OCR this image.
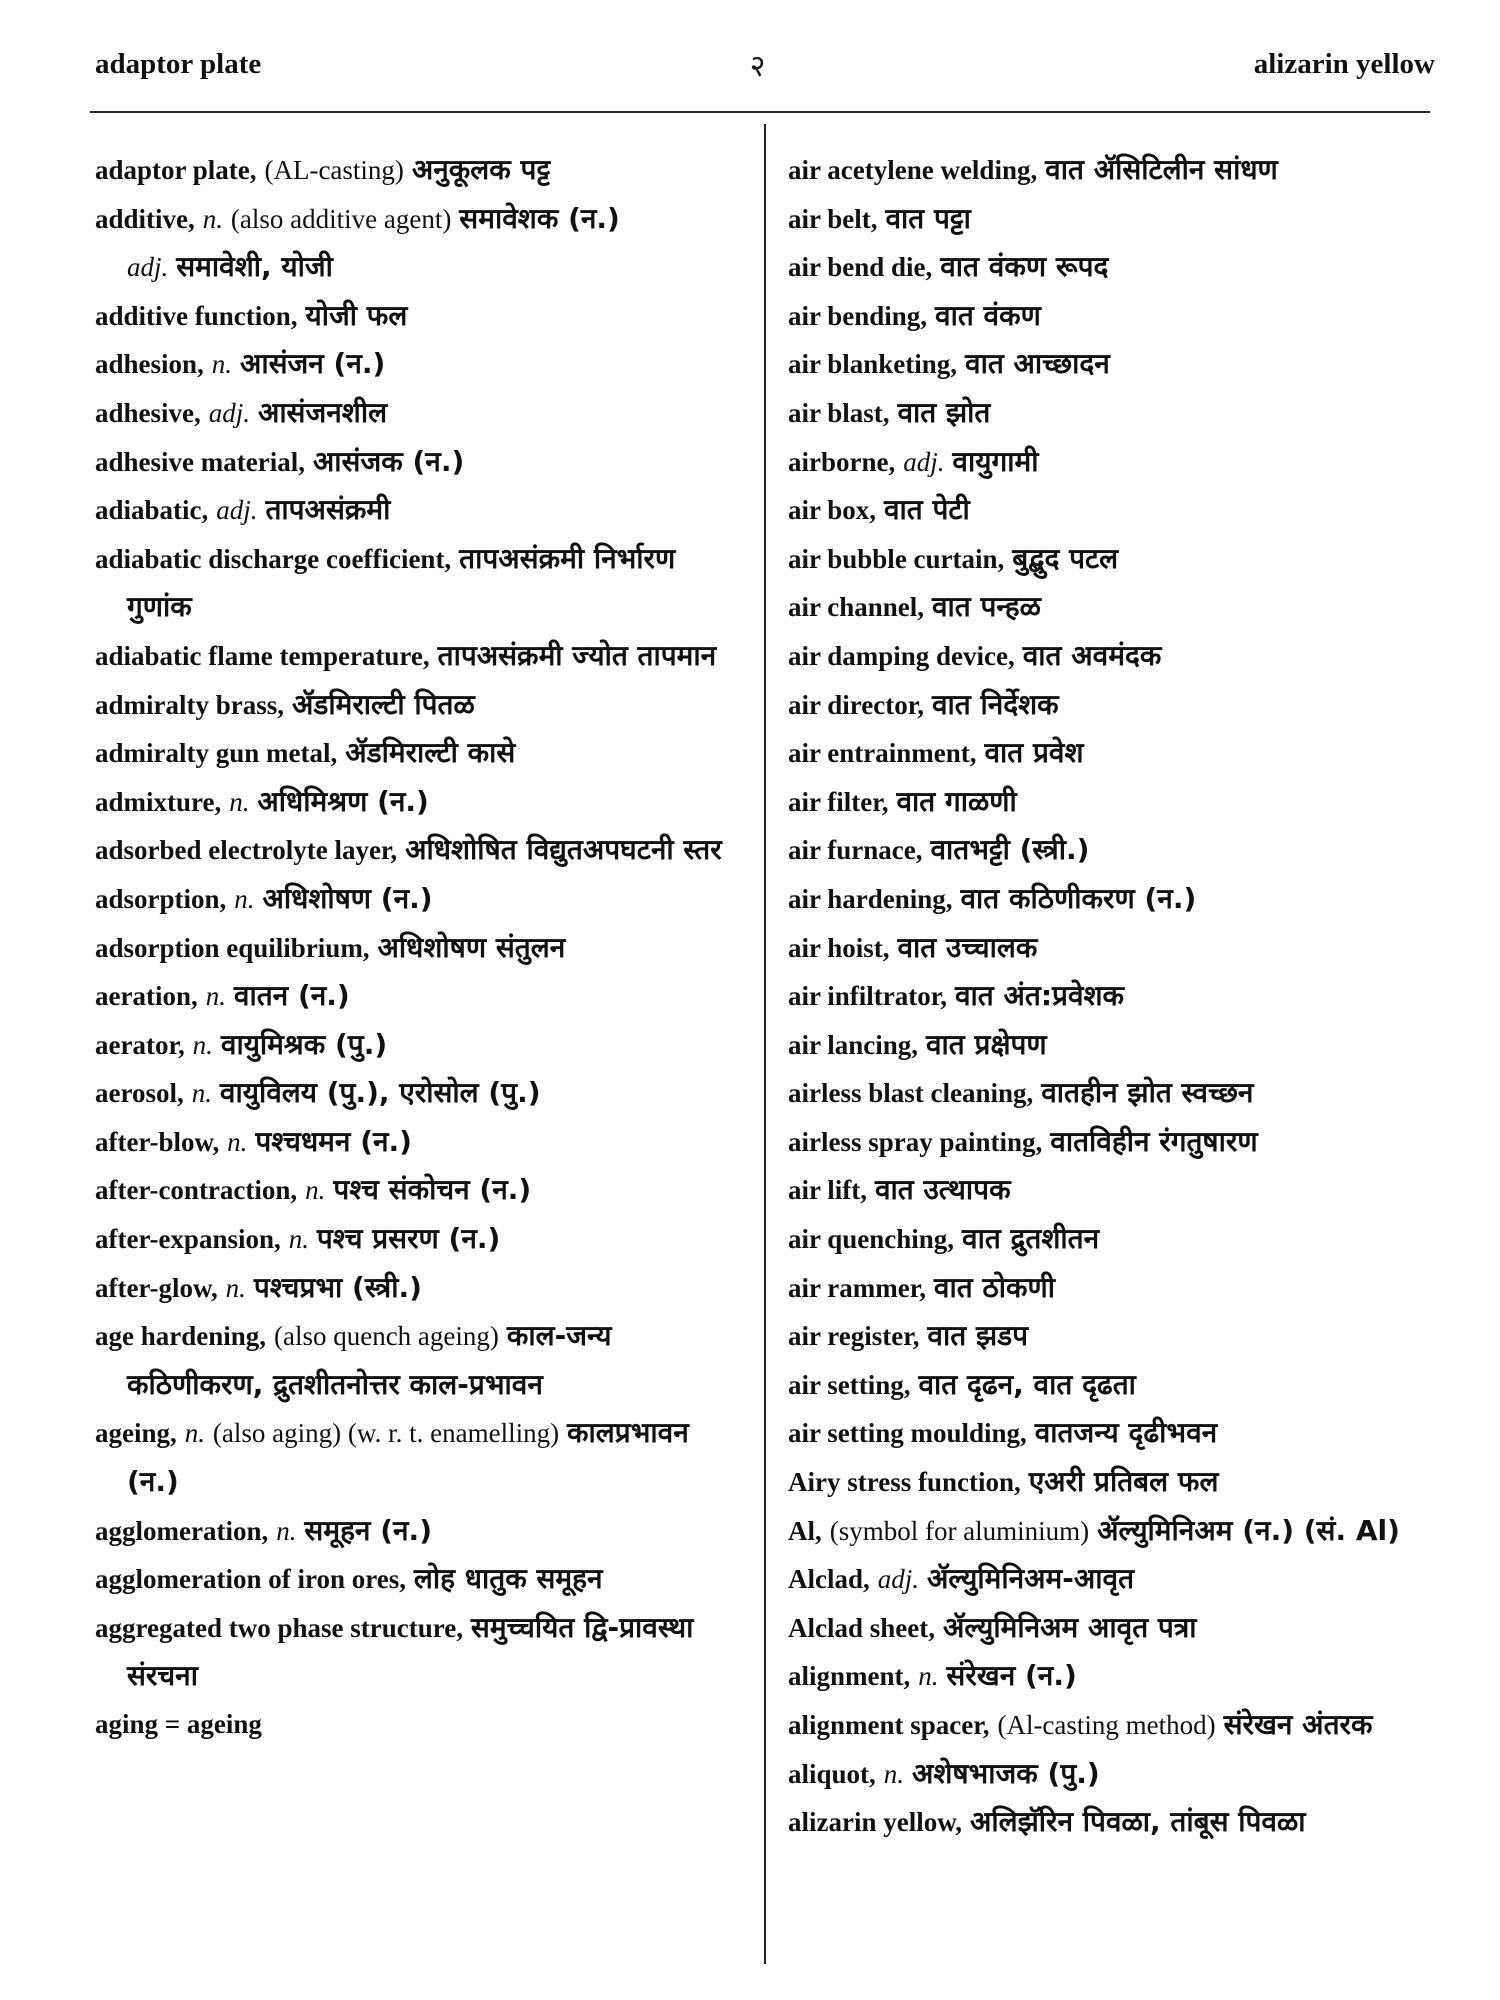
adaptor plate	२	alizarin yellow
adaptor plate, (AL-casting) अनुकूलक पट्ट
additive, n. (also additive agent) समावेशक (न.)
adj. समावेशी, योजी
additive function, योजी फल
adhesion, n. आसंजन (न.)
adhesive, adj. आसंजनशील
adhesive material, आसंजक (न.)
adiabatic, adj. तापअसंक्रमी
adiabatic discharge coefficient, तापअसंक्रमी निर्भारण गुणांक
adiabatic flame temperature, तापअसंक्रमी ज्योत तापमान
admiralty brass, ॲडमिराल्टी पितळ
admiralty gun metal, ॲडमिराल्टी कासे
admixture, n. अधिमिश्रण (न.)
adsorbed electrolyte layer, अधिशोषित विद्युतअपघटनी स्तर
adsorption, n. अधिशोषण (न.)
adsorption equilibrium, अधिशोषण संतुलन
aeration, n. वातन (न.)
aerator, n. वायुमिश्रक (पु.)
aerosol, n. वायुविलय (पु.), एरोसोल (पु.)
after-blow, n. पश्चधमन (न.)
after-contraction, n. पश्च संकोचन (न.)
after-expansion, n. पश्च प्रसरण (न.)
after-glow, n. पश्चप्रभा (स्त्री.)
age hardening, (also quench ageing) काल-जन्य कठिणीकरण, द्रुतशीतनोत्तर काल-प्रभावन
ageing, n. (also aging) (w. r. t. enamelling) कालप्रभावन (न.)
agglomeration, n. समूहन (न.)
agglomeration of iron ores, लोह धातुक समूहन
aggregated two phase structure, समुच्चयित द्वि-प्रावस्था संरचना
aging = ageing
air acetylene welding, वात ॲसिटिलीन सांधण
air belt, वात पट्टा
air bend die, वात वंकण रूपद
air bending, वात वंकण
air blanketing, वात आच्छादन
air blast, वात झोत
airborne, adj. वायुगामी
air box, वात पेटी
air bubble curtain, बुद्बुद पटल
air channel, वात पन्हळ
air damping device, वात अवमंदक
air director, वात निर्देशक
air entrainment, वात प्रवेश
air filter, वात गाळणी
air furnace, वातभट्टी (स्त्री.)
air hardening, वात कठिणीकरण (न.)
air hoist, वात उच्चालक
air infiltrator, वात अंत:प्रवेशक
air lancing, वात प्रक्षेपण
airless blast cleaning, वातहीन झोत स्वच्छन
airless spray painting, वातविहीन रंगतुषारण
air lift, वात उत्थापक
air quenching, वात द्रुतशीतन
air rammer, वात ठोकणी
air register, वात झडप
air setting, वात दृढन, वात दृढता
air setting moulding, वातजन्य दृढीभवन
Airy stress function, एअरी प्रतिबल फल
Al, (symbol for aluminium) ॲल्युमिनिअम (न.) (सं. Al)
Alclad, adj. ॲल्युमिनिअम-आवृत
Alclad sheet, ॲल्युमिनिअम आवृत पत्रा
alignment, n. संरेखन (न.)
alignment spacer, (Al-casting method) संरेखन अंतरक
aliquot, n. अशेषभाजक (पु.)
alizarin yellow, अलिझॅरिन पिवळा, तांबूस पिवळा
